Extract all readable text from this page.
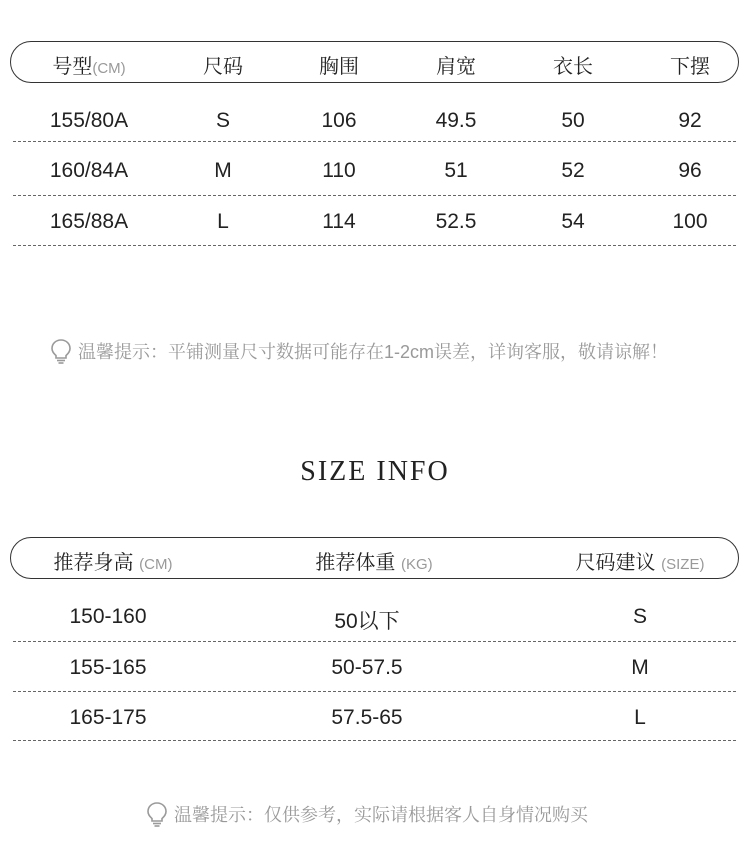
号型(CM)	尺码	胸围	肩宽	衣长	下摆
155/80A	S	106	49.5	50	92
160/84A	M	110	51	52	96
165/88A	L	114	52.5	54	100
温馨提示：平铺测量尺寸数据可能存在1-2cm误差，详询客服，敬请谅解！
SIZE INFO
推荐身高 (CM)	推荐体重 (KG)	尺码建议 (SIZE)
150-160	50以下	S
155-165	50-57.5	M
165-175	57.5-65	L
温馨提示：仅供参考，实际请根据客人自身情况购买
